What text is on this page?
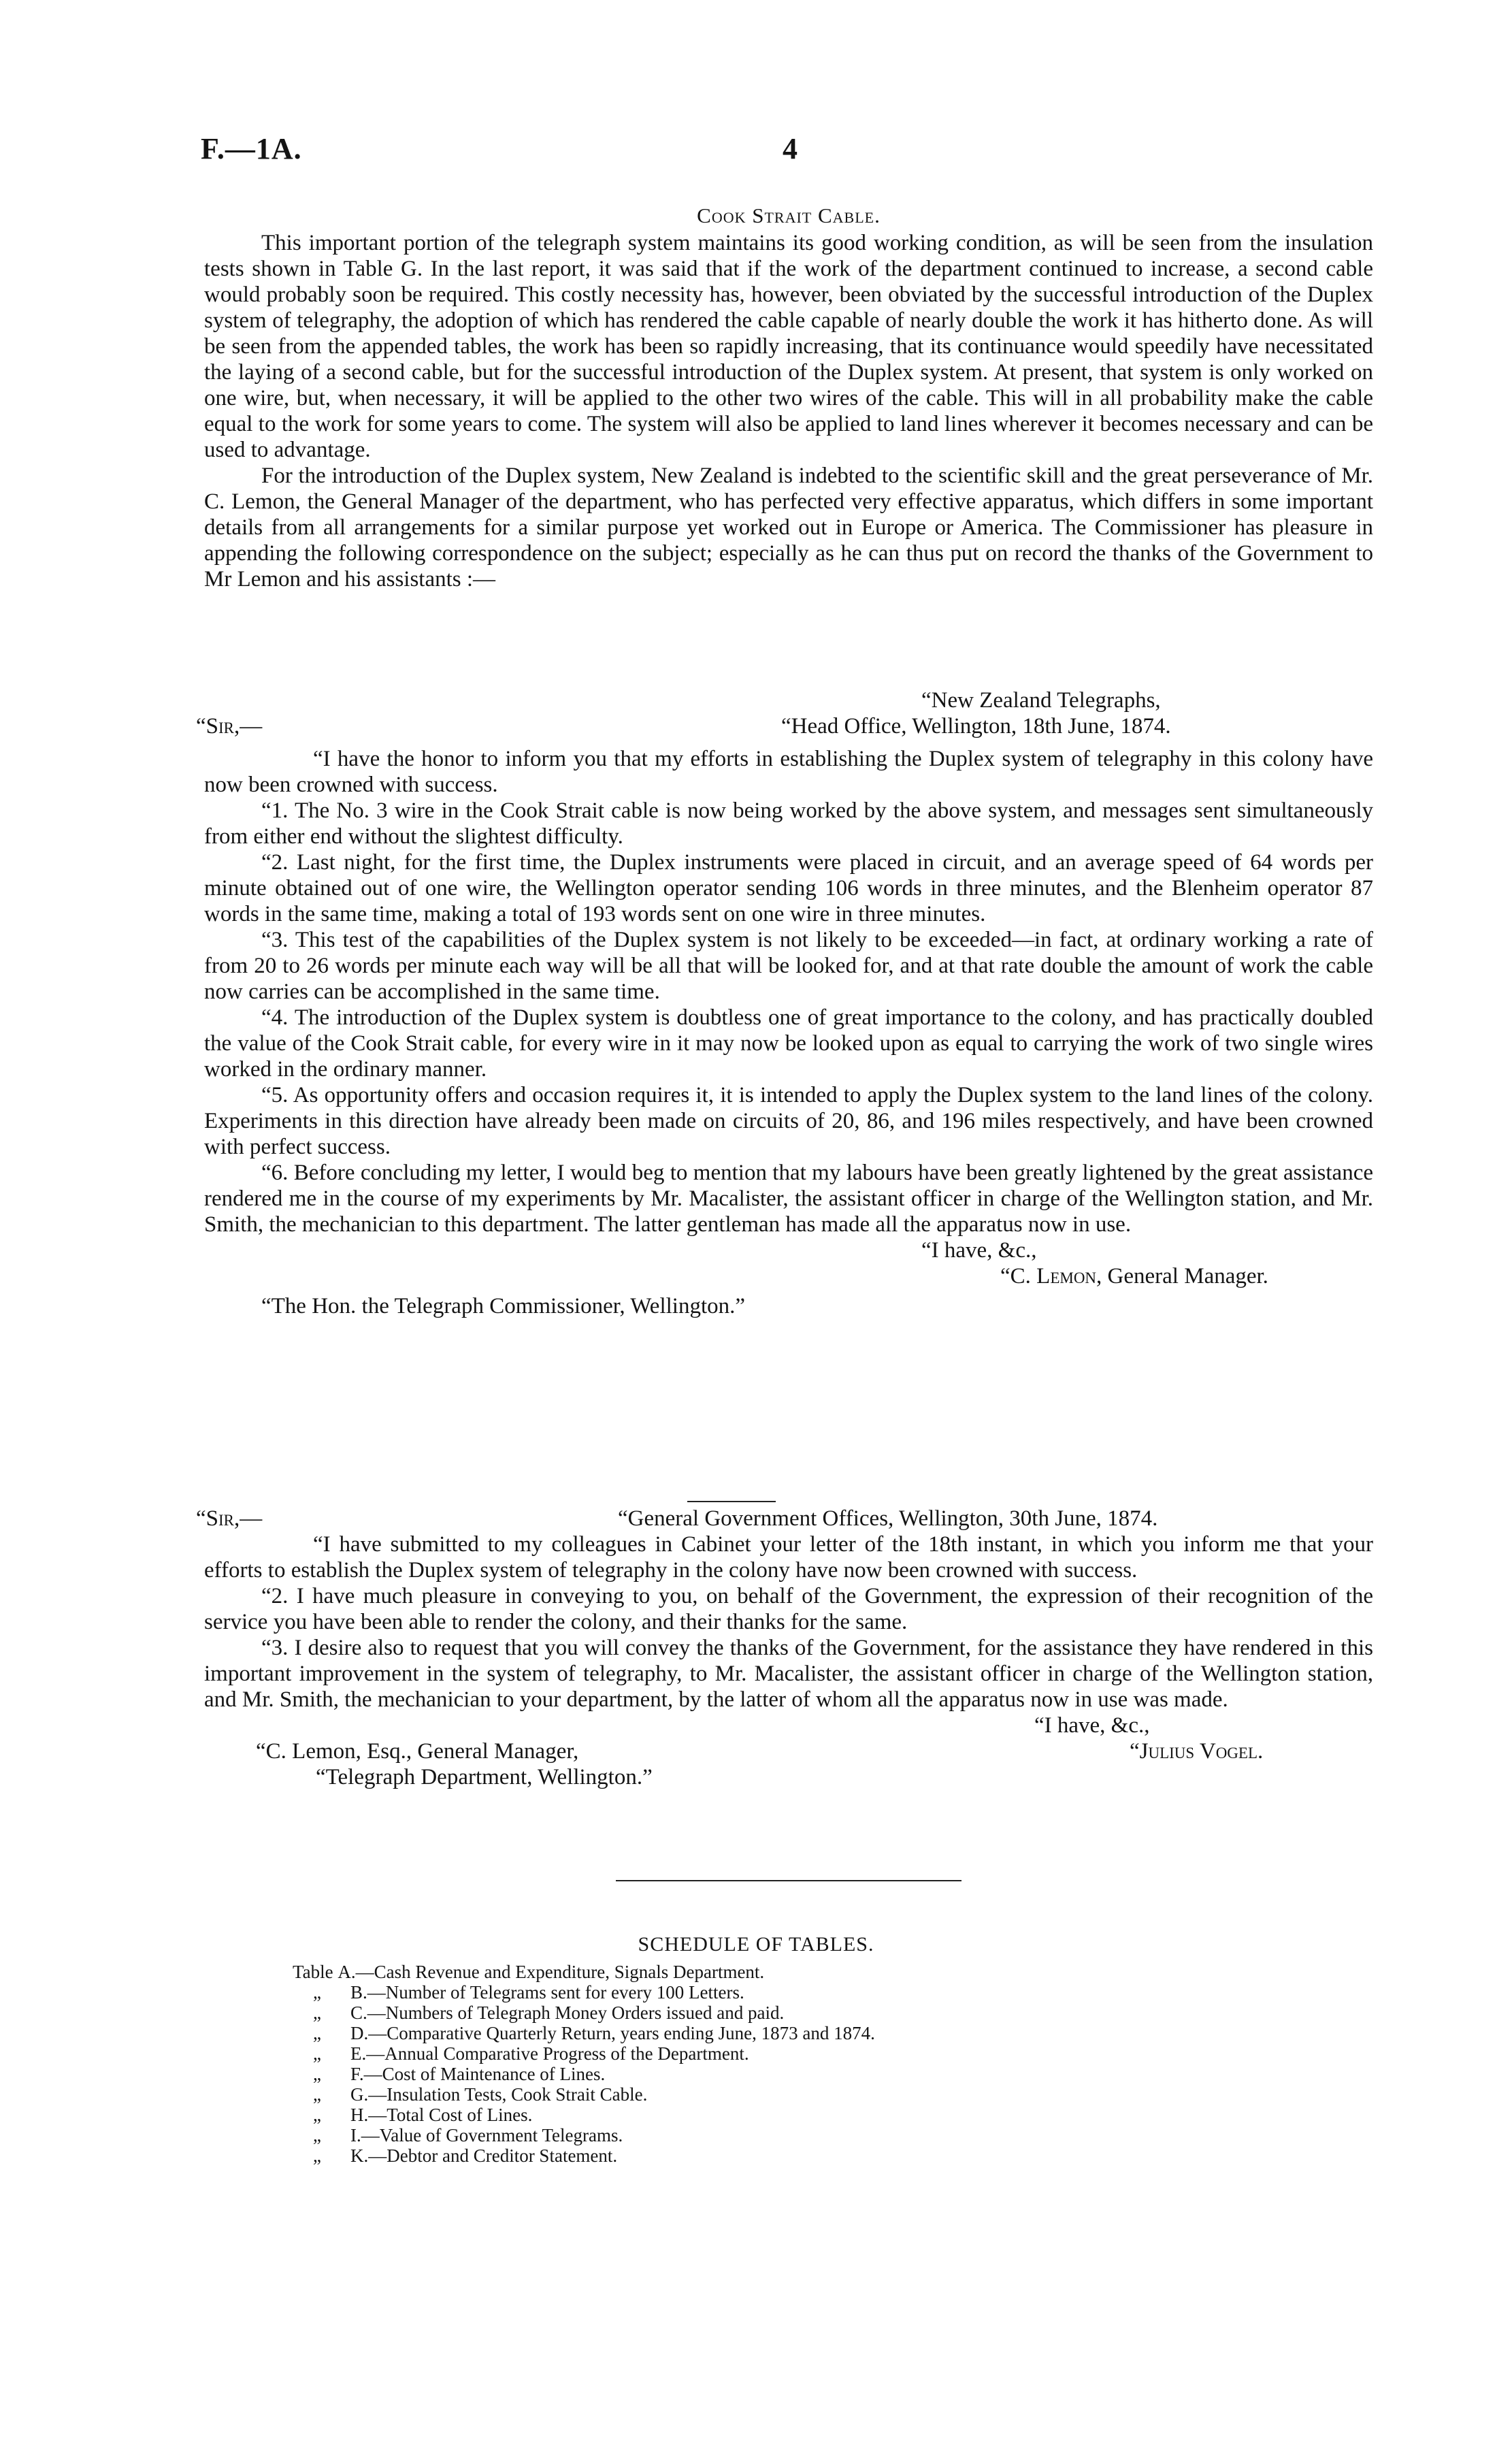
F.—1A.	4
Cook Strait Cable.

This important portion of the telegraph system maintains its good working condition, as will be seen from the insulation tests shown in Table G. In the last report, it was said that if the work of the department continued to increase, a second cable would probably soon be required. This costly necessity has, however, been obviated by the successful introduction of the Duplex system of telegraphy, the adoption of which has rendered the cable capable of nearly double the work it has hitherto done. As will be seen from the appended tables, the work has been so rapidly increasing, that its continuance would speedily have necessitated the laying of a second cable, but for the successful introduction of the Duplex system. At present, that system is only worked on one wire, but, when necessary, it will be applied to the other two wires of the cable. This will in all probability make the cable equal to the work for some years to come. The system will also be applied to land lines wherever it becomes necessary and can be used to advantage.

For the introduction of the Duplex system, New Zealand is indebted to the scientific skill and the great perseverance of Mr. C. Lemon, the General Manager of the department, who has perfected very effective apparatus, which differs in some important details from all arrangements for a similar purpose yet worked out in Europe or America. The Commissioner has pleasure in appending the following correspondence on the subject; especially as he can thus put on record the thanks of the Government to Mr Lemon and his assistants :—

“New Zealand Telegraphs,
“Sir,—	“Head Office, Wellington, 18th June, 1874.

“I have the honor to inform you that my efforts in establishing the Duplex system of telegraphy in this colony have now been crowned with success.

“1. The No. 3 wire in the Cook Strait cable is now being worked by the above system, and messages sent simultaneously from either end without the slightest difficulty.

“2. Last night, for the first time, the Duplex instruments were placed in circuit, and an average speed of 64 words per minute obtained out of one wire, the Wellington operator sending 106 words in three minutes, and the Blenheim operator 87 words in the same time, making a total of 193 words sent on one wire in three minutes.

“3. This test of the capabilities of the Duplex system is not likely to be exceeded—in fact, at ordinary working a rate of from 20 to 26 words per minute each way will be all that will be looked for, and at that rate double the amount of work the cable now carries can be accomplished in the same time.

“4. The introduction of the Duplex system is doubtless one of great importance to the colony, and has practically doubled the value of the Cook Strait cable, for every wire in it may now be looked upon as equal to carrying the work of two single wires worked in the ordinary manner.

“5. As opportunity offers and occasion requires it, it is intended to apply the Duplex system to the land lines of the colony. Experiments in this direction have already been made on circuits of 20, 86, and 196 miles respectively, and have been crowned with perfect success.

“6. Before concluding my letter, I would beg to mention that my labours have been greatly lightened by the great assistance rendered me in the course of my experiments by Mr. Macalister, the assistant officer in charge of the Wellington station, and Mr. Smith, the mechanician to this department. The latter gentleman has made all the apparatus now in use.

“I have, &c.,
“C. Lemon, General Manager.
“The Hon. the Telegraph Commissioner, Wellington.”
“Sir,—	“General Government Offices, Wellington, 30th June, 1874.

“I have submitted to my colleagues in Cabinet your letter of the 18th instant, in which you inform me that your efforts to establish the Duplex system of telegraphy in the colony have now been crowned with success.

“2. I have much pleasure in conveying to you, on behalf of the Government, the expression of their recognition of the service you have been able to render the colony, and their thanks for the same.

“3. I desire also to request that you will convey the thanks of the Government, for the assistance they have rendered in this important improvement in the system of telegraphy, to Mr. Macalister, the assistant officer in charge of the Wellington station, and Mr. Smith, the mechanician to your department, by the latter of whom all the apparatus now in use was made.

“I have, &c.,
“C. Lemon, Esq., General Manager,	“Julius Vogel.
“Telegraph Department, Wellington.”
SCHEDULE OF TABLES.
Table A.—Cash Revenue and Expenditure, Signals Department.
„ B.—Number of Telegrams sent for every 100 Letters.
„ C.—Numbers of Telegraph Money Orders issued and paid.
„ D.—Comparative Quarterly Return, years ending June, 1873 and 1874.
„ E.—Annual Comparative Progress of the Department.
„ F.—Cost of Maintenance of Lines.
„ G.—Insulation Tests, Cook Strait Cable.
„ H.—Total Cost of Lines.
„ I.—Value of Government Telegrams.
„ K.—Debtor and Creditor Statement.
